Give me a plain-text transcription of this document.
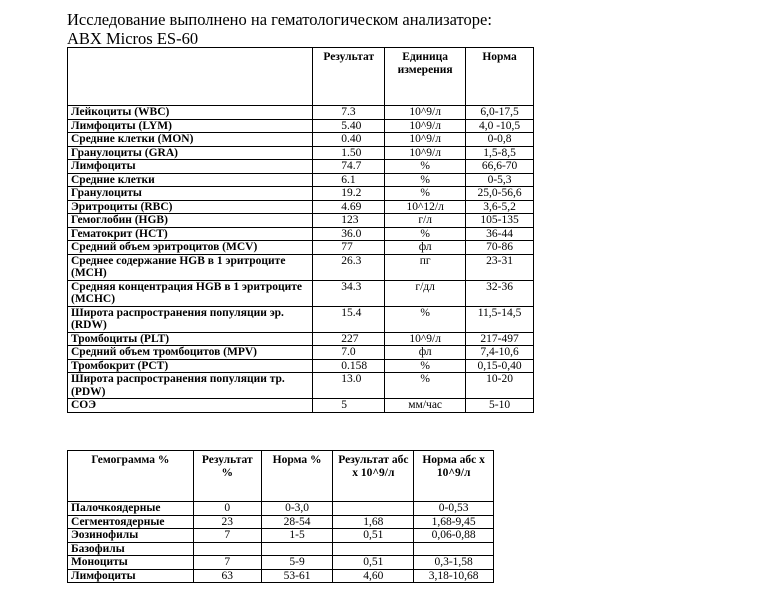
Исследование выполнено на гематологическом анализаторе:
ABX Micros ES-60
	Результат	Единица измерения	Норма
Лейкоциты (WBC)	7.3	10^9/л	6,0-17,5
Лимфоциты (LYM)	5.40	10^9/л	4,0 -10,5
Средние клетки (MON)	0.40	10^9/л	0-0,8
Гранулоциты (GRA)	1.50	10^9/л	1,5-8,5
Лимфоциты	74.7	%	66,6-70
Средние клетки	6.1	%	0-5,3
Гранулоциты	19.2	%	25,0-56,6
Эритроциты (RBC)	4.69	10^12/л	3,6-5,2
Гемоглобин (HGB)	123	г/л	105-135
Гематокрит (HCT)	36.0	%	36-44
Средний объем эритроцитов (MCV)	77	фл	70-86
Среднее содержание HGB в 1 эритроците (MCH)	26.3	пг	23-31
Средняя концентрация HGB в 1 эритроците (MCHC)	34.3	г/дл	32-36
Широта распространения популяции эр. (RDW)	15.4	%	11,5-14,5
Тромбоциты (PLT)	227	10^9/л	217-497
Средний объем тромбоцитов (MPV)	7.0	фл	7,4-10,6
Тромбокрит (PCT)	0.158	%	0,15-0,40
Широта распространения популяции тр. (PDW)	13.0	%	10-20
СОЭ	5	мм/час	5-10
Гемограмма %	Результат %	Норма %	Результат абс х 10^9/л	Норма абс х 10^9/л
Палочкоядерные	0	0-3,0		0-0,53
Сегментоядерные	23	28-54	1,68	1,68-9,45
Эозинофилы	7	1-5	0,51	0,06-0,88
Базофилы				
Моноциты	7	5-9	0,51	0,3-1,58
Лимфоциты	63	53-61	4,60	3,18-10,68
